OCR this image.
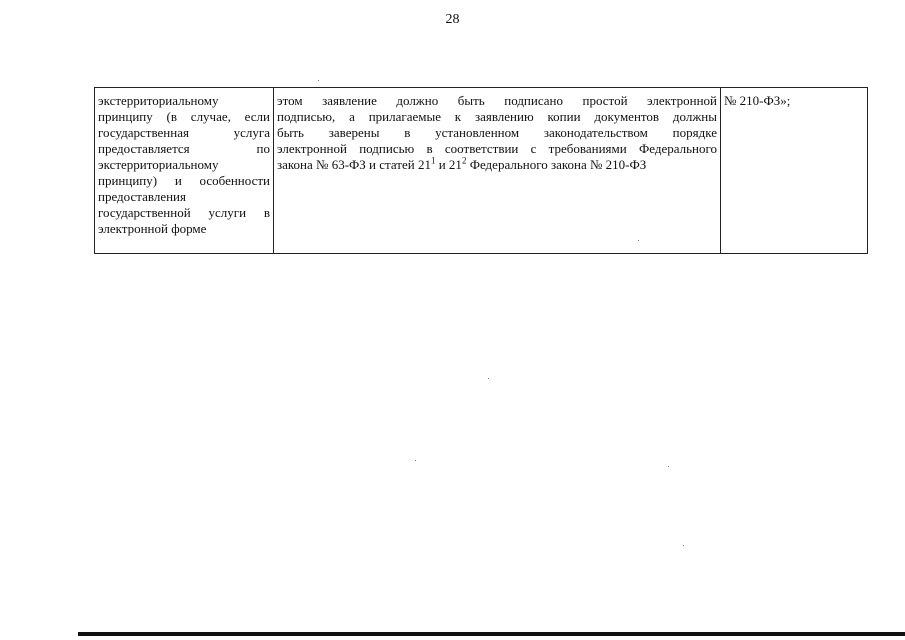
28
экстерриториальному
принципу (в случае, если
государственная услуга
предоставляется по
экстерриториальному
принципу) и особенности
предоставления
государственной услуги в
электронной форме

этом заявление должно быть подписано простой электронной
подписью, а прилагаемые к заявлению копии документов должны
быть заверены в установленном законодательством порядке
электронной подписью в соответствии с требованиями Федерального
закона № 63-ФЗ и статей $21^1$ и $21^2$ Федерального закона № 210-ФЗ

№ 210-ФЗ»;
